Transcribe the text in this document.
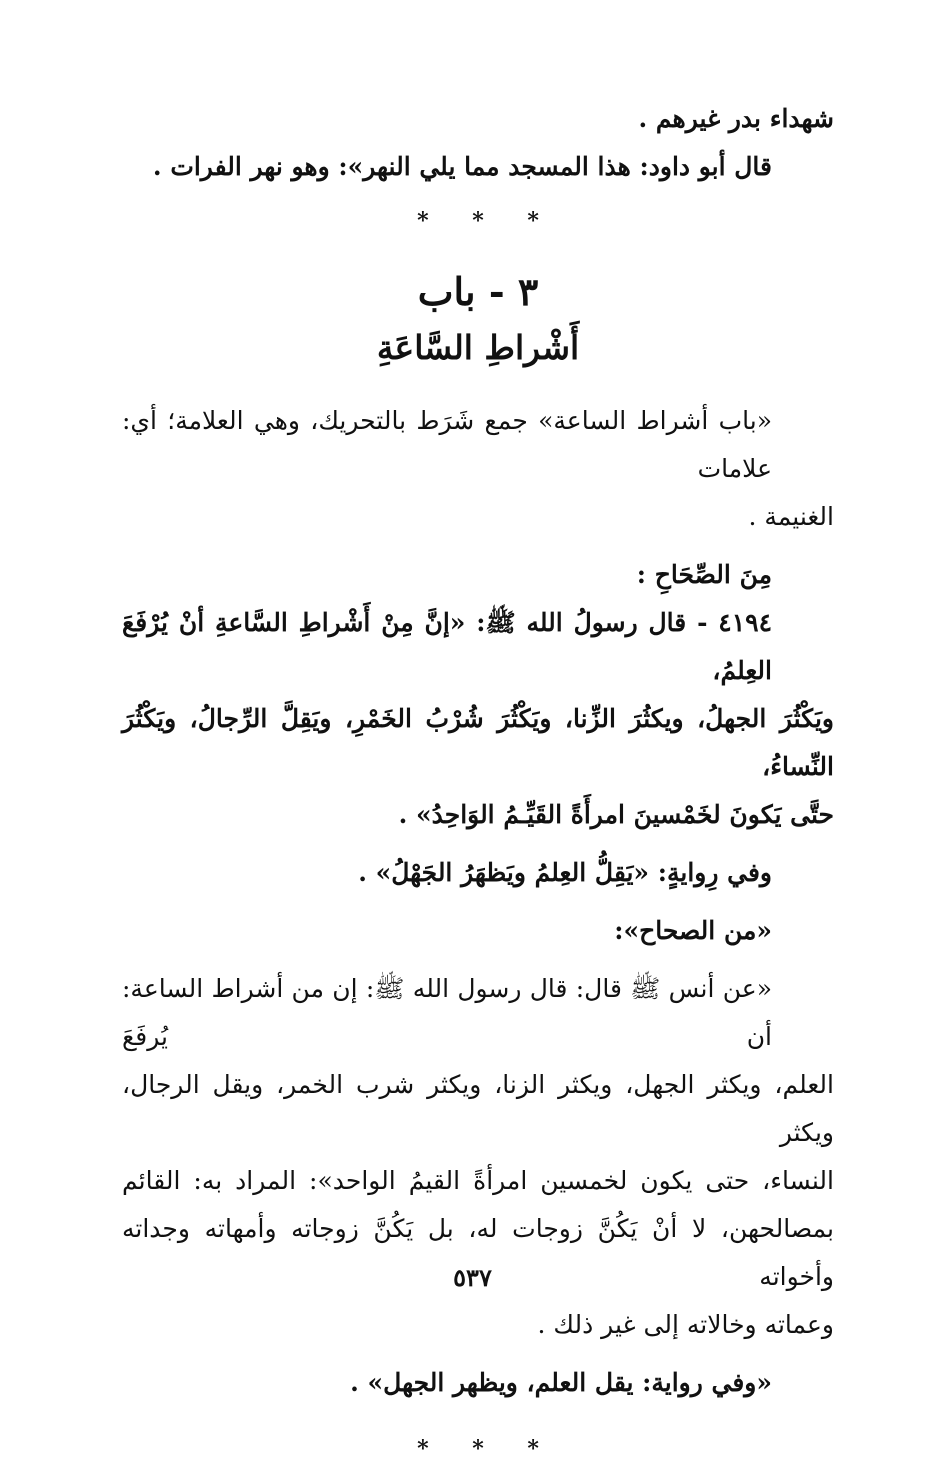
شهداء بدر غيرهم .
قال أبو داود: هذا المسجد مما يلي النهر»: وهو نهر الفرات .
* * *
٣ - باب
أَشْراطِ السَّاعَةِ
«باب أشراط الساعة» جمع شَرَط بالتحريك، وهي العلامة؛ أي: علامات
الغنيمة .
مِنَ الصِّحَاحِ :
٤١٩٤ - قال رسولُ الله ﷺ: «إنَّ مِنْ أَشْراطِ السَّاعةِ أنْ يُرْفَعَ العِلمُ،
ويَكْثُرَ الجهلُ، ويكثُرَ الزِّنا، ويَكْثُرَ شُرْبُ الخَمْرِ، ويَقِلَّ الرِّجالُ، ويَكْثُرَ النِّساءُ،
حتَّى يَكونَ لخَمْسينَ امرأَةً القَيِّـمُ الوَاحِدُ» .
وفي رِوايةٍ: «يَقِلُّ العِلمُ ويَظهَرُ الجَهْلُ» .
«من الصحاح»:
«عن أنس ﷺ قال: قال رسول الله ﷺ: إن من أشراط الساعة: أن يُرفَعَ
العلم، ويكثر الجهل، ويكثر الزنا، ويكثر شرب الخمر، ويقل الرجال، ويكثر
النساء، حتى يكون لخمسين امرأةً القيمُ الواحد»: المراد به: القائم
بمصالحهن، لا أنْ يَكُنَّ زوجات له، بل يَكُنَّ زوجاته وأمهاته وجداته وأخواته
وعماته وخالاته إلى غير ذلك .
«وفي رواية: يقل العلم، ويظهر الجهل» .
* * *
٥٣٧
